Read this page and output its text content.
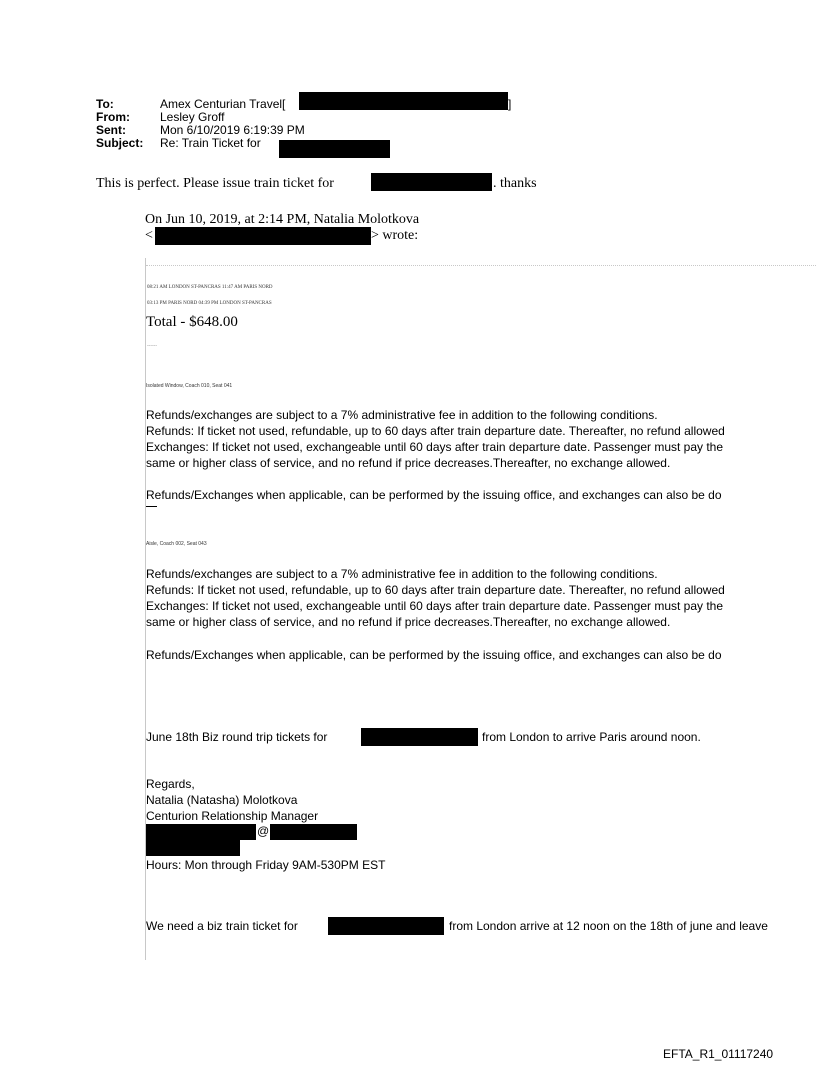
To:	Amex Centurian Travel[	]
From:	Lesley Groff
Sent:	Mon 6/10/2019 6:19:39 PM
Subject: Re: Train Ticket for
This is perfect. Please issue train ticket for	. thanks
On Jun 10, 2019, at 2:14 PM, Natalia Molotkova
<	> wrote:
08:21 AM LONDON ST-PANCRAS 11:47 AM PARIS NORD
03:13 PM PARIS NORD 04:39 PM LONDON ST-PANCRAS
Total - $648.00
------
Isolated Window, Coach 010, Seat 041
Refunds/exchanges are subject to a 7% administrative fee in addition to the following conditions.
Refunds: If ticket not used, refundable, up to 60 days after train departure date. Thereafter, no refund allowed
Exchanges: If ticket not used, exchangeable until 60 days after train departure date. Passenger must pay the
same or higher class of service, and no refund if price decreases.Thereafter, no exchange allowed.
Refunds/Exchanges when applicable, can be performed by the issuing office, and exchanges can also be do
Aisle, Coach 002, Seat 043
Refunds/exchanges are subject to a 7% administrative fee in addition to the following conditions.
Refunds: If ticket not used, refundable, up to 60 days after train departure date. Thereafter, no refund allowed
Exchanges: If ticket not used, exchangeable until 60 days after train departure date. Passenger must pay the
same or higher class of service, and no refund if price decreases.Thereafter, no exchange allowed.
Refunds/Exchanges when applicable, can be performed by the issuing office, and exchanges can also be do
June 18th Biz round trip tickets for	from London to arrive Paris around noon.
Regards,
Natalia (Natasha) Molotkova
Centurion Relationship Manager
@
Hours: Mon through Friday 9AM-530PM EST
We need a biz train ticket for	from London arrive at 12 noon on the 18th of june and leave
EFTA_R1_01117240
